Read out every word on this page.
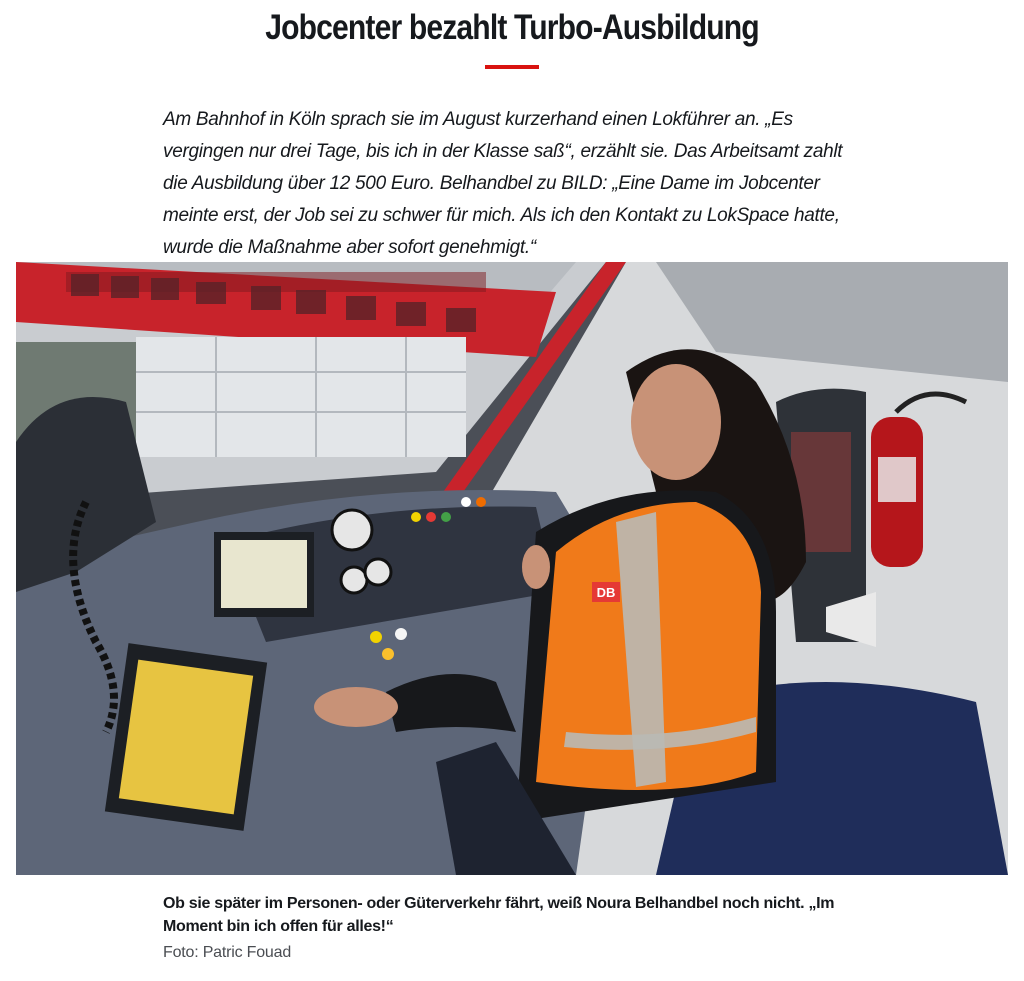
Jobcenter bezahlt Turbo-Ausbildung

Am Bahnhof in Köln sprach sie im August kurzerhand einen Lokführer an. „Es vergingen nur drei Tage, bis ich in der Klasse saß“, erzählt sie. Das Arbeitsamt zahlt die Ausbildung über 12 500 Euro. Belhandbel zu BILD: „Eine Dame im Jobcenter meinte erst, der Job sei zu schwer für mich. Als ich den Kontakt zu LokSpace hatte, wurde die Maßnahme aber sofort genehmigt.“

DB

Ob sie später im Personen- oder Güterverkehr fährt, weiß Noura Belhandbel noch nicht. „Im Moment bin ich offen für alles!“

Foto: Patric Fouad
